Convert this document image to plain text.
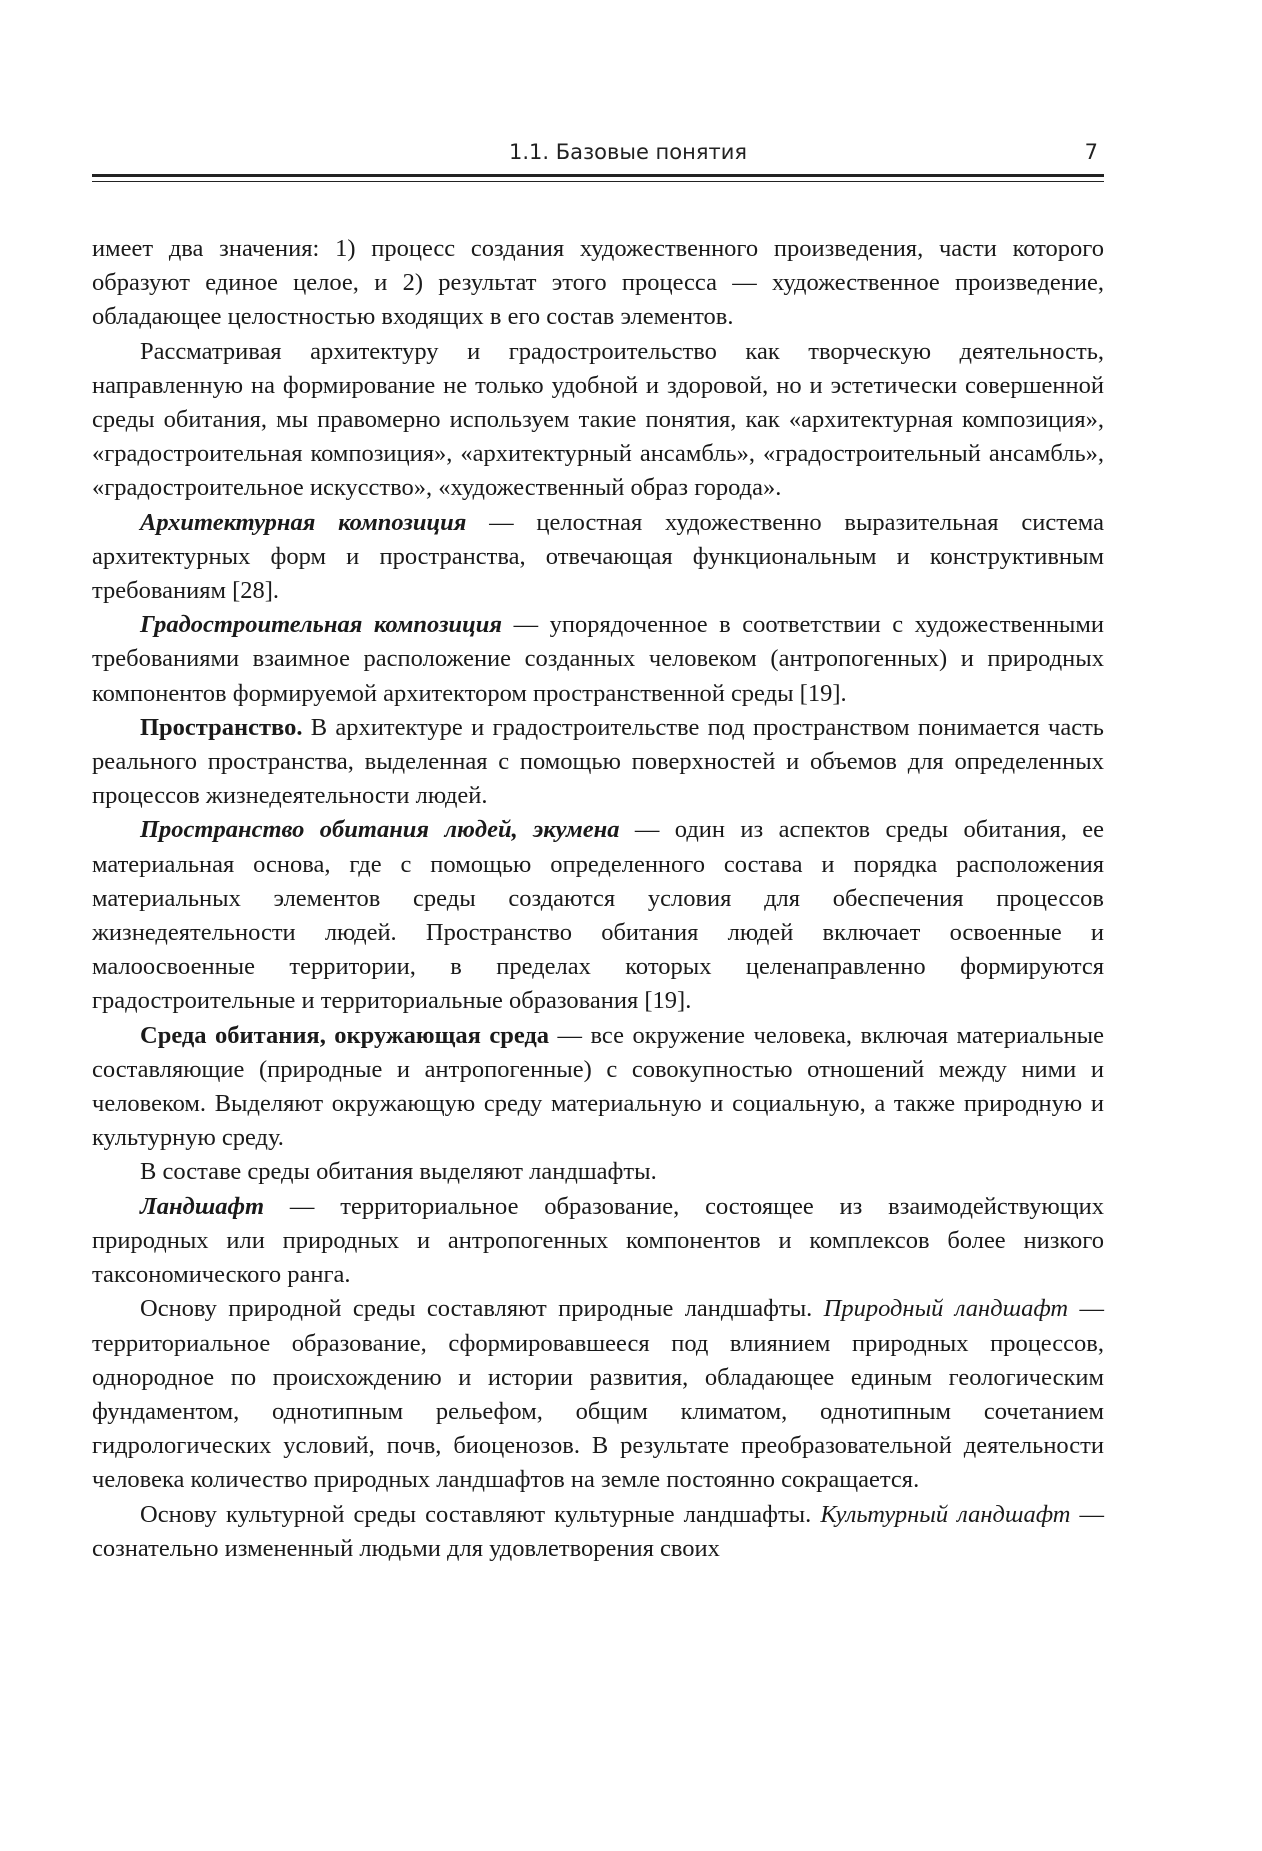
1.1. Базовые понятия	7

имеет два значения: 1) процесс создания художественного произведения, части которого образуют единое целое, и 2) результат этого процесса — художественное произведение, обладающее целостностью входящих в его состав элементов.

Рассматривая архитектуру и градостроительство как творческую деятельность, направленную на формирование не только удобной и здоровой, но и эстетически совершенной среды обитания, мы правомерно используем такие понятия, как «архитектурная композиция», «градостроительная композиция», «архитектурный ансамбль», «градостроительный ансамбль», «градостроительное искусство», «художественный образ города».

Архитектурная композиция — целостная художественно выразительная система архитектурных форм и пространства, отвечающая функциональным и конструктивным требованиям [28].

Градостроительная композиция — упорядоченное в соответствии с художественными требованиями взаимное расположение созданных человеком (антропогенных) и природных компонентов формируемой архитектором пространственной среды [19].

Пространство. В архитектуре и градостроительстве под пространством понимается часть реального пространства, выделенная с помощью поверхностей и объемов для определенных процессов жизнедеятельности людей.

Пространство обитания людей, экумена — один из аспектов среды обитания, ее материальная основа, где с помощью определенного состава и порядка расположения материальных элементов среды создаются условия для обеспечения процессов жизнедеятельности людей. Пространство обитания людей включает освоенные и малоосвоенные территории, в пределах которых целенаправленно формируются градостроительные и территориальные образования [19].

Среда обитания, окружающая среда — все окружение человека, включая материальные составляющие (природные и антропогенные) с совокупностью отношений между ними и человеком. Выделяют окружающую среду материальную и социальную, а также природную и культурную среду.

В составе среды обитания выделяют ландшафты.

Ландшафт — территориальное образование, состоящее из взаимодействующих природных или природных и антропогенных компонентов и комплексов более низкого таксономического ранга.

Основу природной среды составляют природные ландшафты. Природный ландшафт — территориальное образование, сформировавшееся под влиянием природных процессов, однородное по происхождению и истории развития, обладающее единым геологическим фундаментом, однотипным рельефом, общим климатом, однотипным сочетанием гидрологических условий, почв, биоценозов. В результате преобразовательной деятельности человека количество природных ландшафтов на земле постоянно сокращается.

Основу культурной среды составляют культурные ландшафты. Культурный ландшафт — сознательно измененный людьми для удовлетворения своих
